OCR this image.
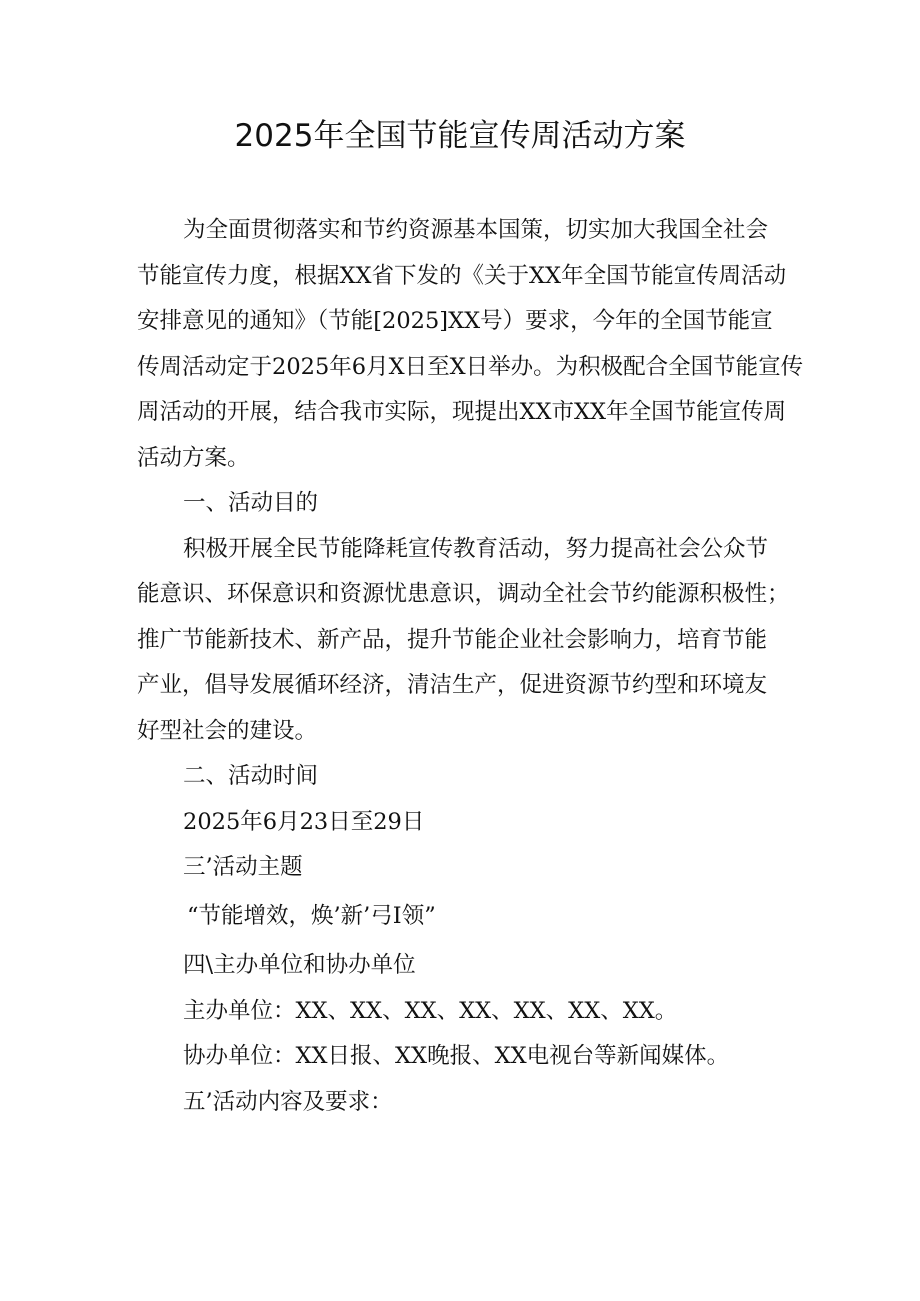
2025年全国节能宣传周活动方案
为全面贯彻落实和节约资源基本国策，切实加大我国全社会
节能宣传力度，根据XX省下发的《关于XX年全国节能宣传周活动
安排意见的通知》（节能[2025]XX号）要求，今年的全国节能宣
传周活动定于2025年6月X日至X日举办。为积极配合全国节能宣传
周活动的开展，结合我市实际，现提出XX市XX年全国节能宣传周
活动方案。
一、活动目的
积极开展全民节能降耗宣传教育活动，努力提高社会公众节
能意识、环保意识和资源忧患意识，调动全社会节约能源积极性；
推广节能新技术、新产品，提升节能企业社会影响力，培育节能
产业，倡导发展循环经济，清洁生产，促进资源节约型和环境友
好型社会的建设。
二、活动时间
2025年6月23日至29日
三’活动主题
“节能增效，焕’新’弓I领”
四\主办单位和协办单位
主办单位：XX、XX、XX、XX、XX、XX、XX。
协办单位：XX日报、XX晚报、XX电视台等新闻媒体。
五’活动内容及要求：
